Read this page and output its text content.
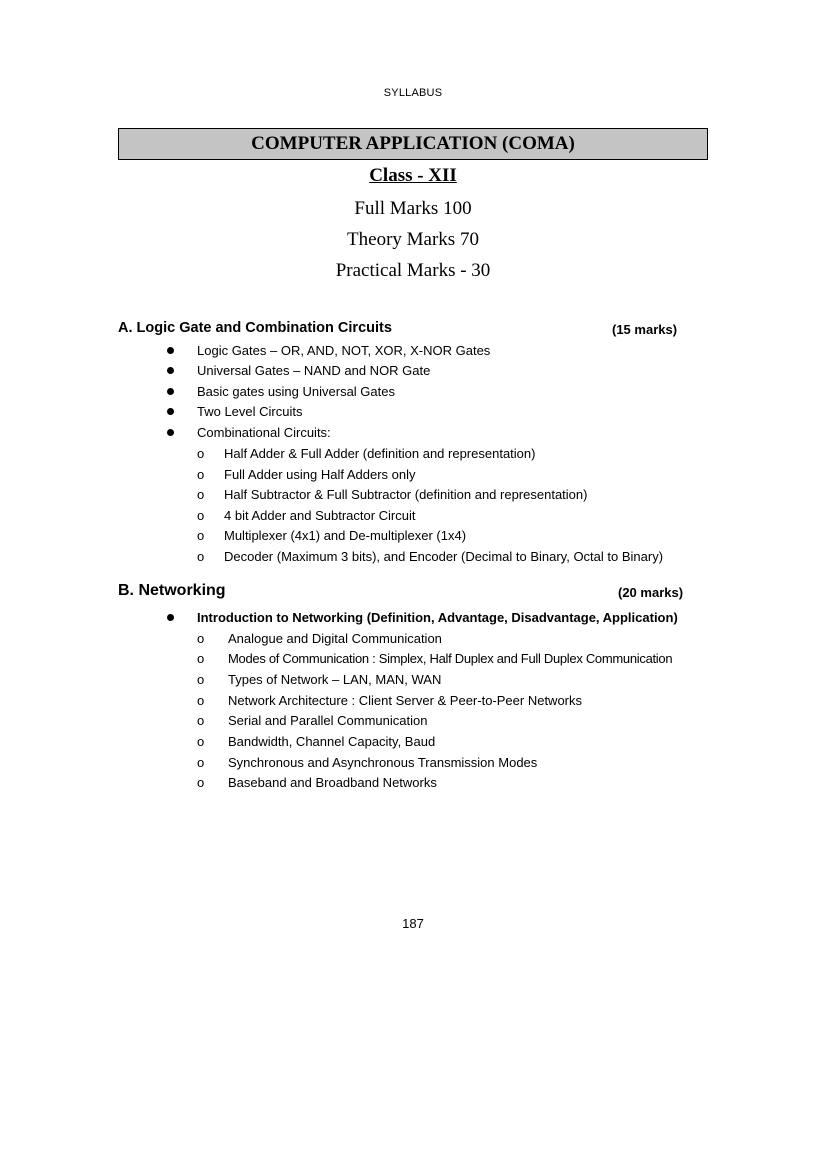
SYLLABUS
COMPUTER APPLICATION (COMA)
Class - XII
Full Marks 100
Theory Marks 70
Practical Marks - 30
A. Logic Gate and Combination Circuits	(15 marks)
Logic Gates – OR, AND, NOT, XOR, X-NOR Gates
Universal Gates – NAND and NOR Gate
Basic gates using Universal Gates
Two Level Circuits
Combinational Circuits:
o Half Adder & Full Adder (definition and representation)
o Full Adder using Half Adders only
o Half Subtractor & Full Subtractor (definition and representation)
o 4 bit Adder and Subtractor Circuit
o Multiplexer (4x1) and De-multiplexer (1x4)
o Decoder (Maximum 3 bits), and Encoder (Decimal to Binary, Octal to Binary)
B. Networking	(20 marks)
Introduction to Networking (Definition, Advantage, Disadvantage, Application)
o Analogue and Digital Communication
o Modes of Communication : Simplex, Half Duplex and Full Duplex Communication
o Types of Network – LAN, MAN, WAN
o Network Architecture : Client Server & Peer-to-Peer Networks
o Serial and Parallel Communication
o Bandwidth, Channel Capacity, Baud
o Synchronous and Asynchronous Transmission Modes
o Baseband and Broadband Networks
187
